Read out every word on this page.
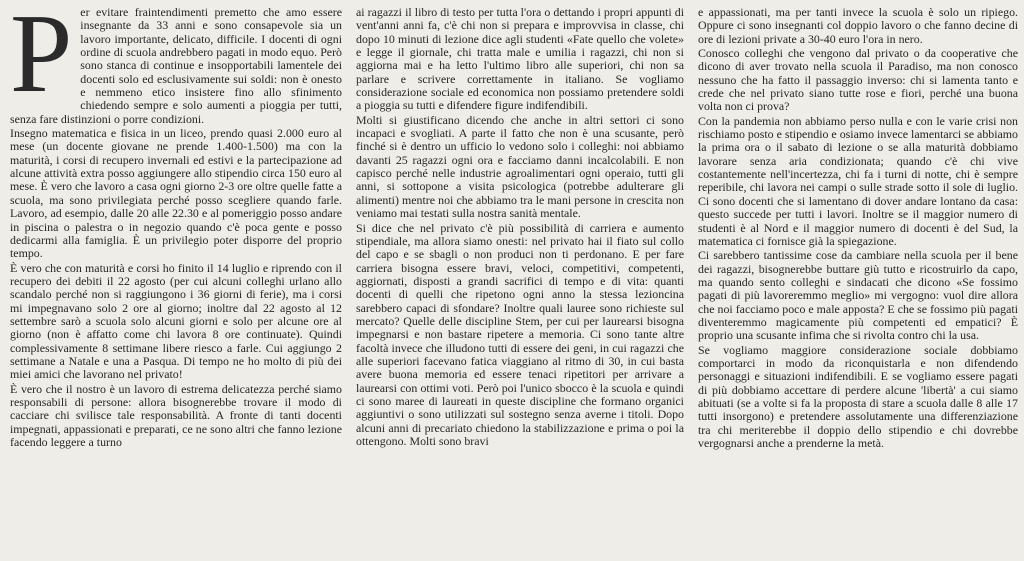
P er evitare fraintendimenti premetto che amo essere insegnante da 33 anni e sono consapevole sia un lavoro importante, delicato, difficile. I docenti di ogni ordine di scuola andrebbero pagati in modo equo. Però sono stanca di continue e insopportabili lamentele dei docenti solo ed esclusivamente sui soldi: non è onesto e nemmeno etico insistere fino allo sfinimento chiedendo sempre e solo aumenti a pioggia per tutti, senza fare distinzioni o porre condizioni.

Insegno matematica e fisica in un liceo, prendo quasi 2.000 euro al mese (un docente giovane ne prende 1.400-1.500) ma con la maturità, i corsi di recupero invernali ed estivi e la partecipazione ad alcune attività extra posso aggiungere allo stipendio circa 150 euro al mese. È vero che lavoro a casa ogni giorno 2-3 ore oltre quelle fatte a scuola, ma sono privilegiata perché posso scegliere quando farle. Lavoro, ad esempio, dalle 20 alle 22.30 e al pomeriggio posso andare in piscina o palestra o in negozio quando c'è poca gente e posso dedicarmi alla famiglia. È un privilegio poter disporre del proprio tempo.

È vero che con maturità e corsi ho finito il 14 luglio e riprendo con il recupero dei debiti il 22 agosto (per cui alcuni colleghi urlano allo scandalo perché non si raggiungono i 36 giorni di ferie), ma i corsi mi impegnavano solo 2 ore al giorno; inoltre dal 22 agosto al 12 settembre sarò a scuola solo alcuni giorni e solo per alcune ore al giorno (non è affatto come chi lavora 8 ore continuate). Quindi complessivamente 8 settimane libere riesco a farle. Cui aggiungo 2 settimane a Natale e una a Pasqua. Di tempo ne ho molto di più dei miei amici che lavorano nel privato!

È vero che il nostro è un lavoro di estrema delicatezza perché siamo responsabili di persone: allora bisognerebbe trovare il modo di cacciare chi svilisce tale responsabilità. A fronte di tanti docenti impegnati, appassionati e preparati, ce ne sono altri che fanno lezione facendo leggere a turno

ai ragazzi il libro di testo per tutta l'ora o dettando i propri appunti di vent'anni anni fa, c'è chi non si prepara e improvvisa in classe, chi dopo 10 minuti di lezione dice agli studenti «Fate quello che volete» e legge il giornale, chi tratta male e umilia i ragazzi, chi non si aggiorna mai e ha letto l'ultimo libro alle superiori, chi non sa parlare e scrivere correttamente in italiano. Se vogliamo considerazione sociale ed economica non possiamo pretendere soldi a pioggia su tutti e difendere figure indifendibili.

Molti si giustificano dicendo che anche in altri settori ci sono incapaci e svogliati. A parte il fatto che non è una scusante, però finché si è dentro un ufficio lo vedono solo i colleghi: noi abbiamo davanti 25 ragazzi ogni ora e facciamo danni incalcolabili. E non capisco perché nelle industrie agroalimentari ogni operaio, tutti gli anni, si sottopone a visita psicologica (potrebbe adulterare gli alimenti) mentre noi che abbiamo tra le mani persone in crescita non veniamo mai testati sulla nostra sanità mentale.

Si dice che nel privato c'è più possibilità di carriera e aumento stipendiale, ma allora siamo onesti: nel privato hai il fiato sul collo del capo e se sbagli o non produci non ti perdonano. E per fare carriera bisogna essere bravi, veloci, competitivi, competenti, aggiornati, disposti a grandi sacrifici di tempo e di vita: quanti docenti di quelli che ripetono ogni anno la stessa lezioncina sarebbero capaci di sfondare? Inoltre quali lauree sono richieste sul mercato? Quelle delle discipline Stem, per cui per laurearsi bisogna impegnarsi e non bastare ripetere a memoria. Ci sono tante altre facoltà invece che illudono tutti di essere dei geni, in cui ragazzi che alle superiori facevano fatica viaggiano al ritmo di 30, in cui basta avere buona memoria ed essere tenaci ripetitori per arrivare a laurearsi con ottimi voti. Però poi l'unico sbocco è la scuola e quindi ci sono maree di laureati in queste discipline che formano organici aggiuntivi o sono utilizzati sul sostegno senza averne i titoli. Dopo alcuni anni di precariato chiedono la stabilizzazione e prima o poi la ottengono. Molti sono bravi

e appassionati, ma per tanti invece la scuola è solo un ripiego. Oppure ci sono insegnanti col doppio lavoro o che fanno decine di ore di lezioni private a 30-40 euro l'ora in nero.

Conosco colleghi che vengono dal privato o da cooperative che dicono di aver trovato nella scuola il Paradiso, ma non conosco nessuno che ha fatto il passaggio inverso: chi si lamenta tanto e crede che nel privato siano tutte rose e fiori, perché una buona volta non ci prova?

Con la pandemia non abbiamo perso nulla e con le varie crisi non rischiamo posto e stipendio e osiamo invece lamentarci se abbiamo la prima ora o il sabato di lezione o se alla maturità dobbiamo lavorare senza aria condizionata; quando c'è chi vive costantemente nell'incertezza, chi fa i turni di notte, chi è sempre reperibile, chi lavora nei campi o sulle strade sotto il sole di luglio. Ci sono docenti che si lamentano di dover andare lontano da casa: questo succede per tutti i lavori. Inoltre se il maggior numero di studenti è al Nord e il maggior numero di docenti è del Sud, la matematica ci fornisce già la spiegazione.

Ci sarebbero tantissime cose da cambiare nella scuola per il bene dei ragazzi, bisognerebbe buttare giù tutto e ricostruirlo da capo, ma quando sento colleghi e sindacati che dicono «Se fossimo pagati di più lavoreremmo meglio» mi vergogno: vuol dire allora che noi facciamo poco e male apposta? E che se fossimo più pagati diventeremmo magicamente più competenti ed empatici? È proprio una scusante infima che si rivolta contro chi la usa.

Se vogliamo maggiore considerazione sociale dobbiamo comportarci in modo da riconquistarla e non difendendo personaggi e situazioni indifendibili. E se vogliamo essere pagati di più dobbiamo accettare di perdere alcune 'libertà' a cui siamo abituati (se a volte si fa la proposta di stare a scuola dalle 8 alle 17 tutti insorgono) e pretendere assolutamente una differenziazione tra chi meriterebbe il doppio dello stipendio e chi dovrebbe vergognarsi anche a prenderne la metà.
